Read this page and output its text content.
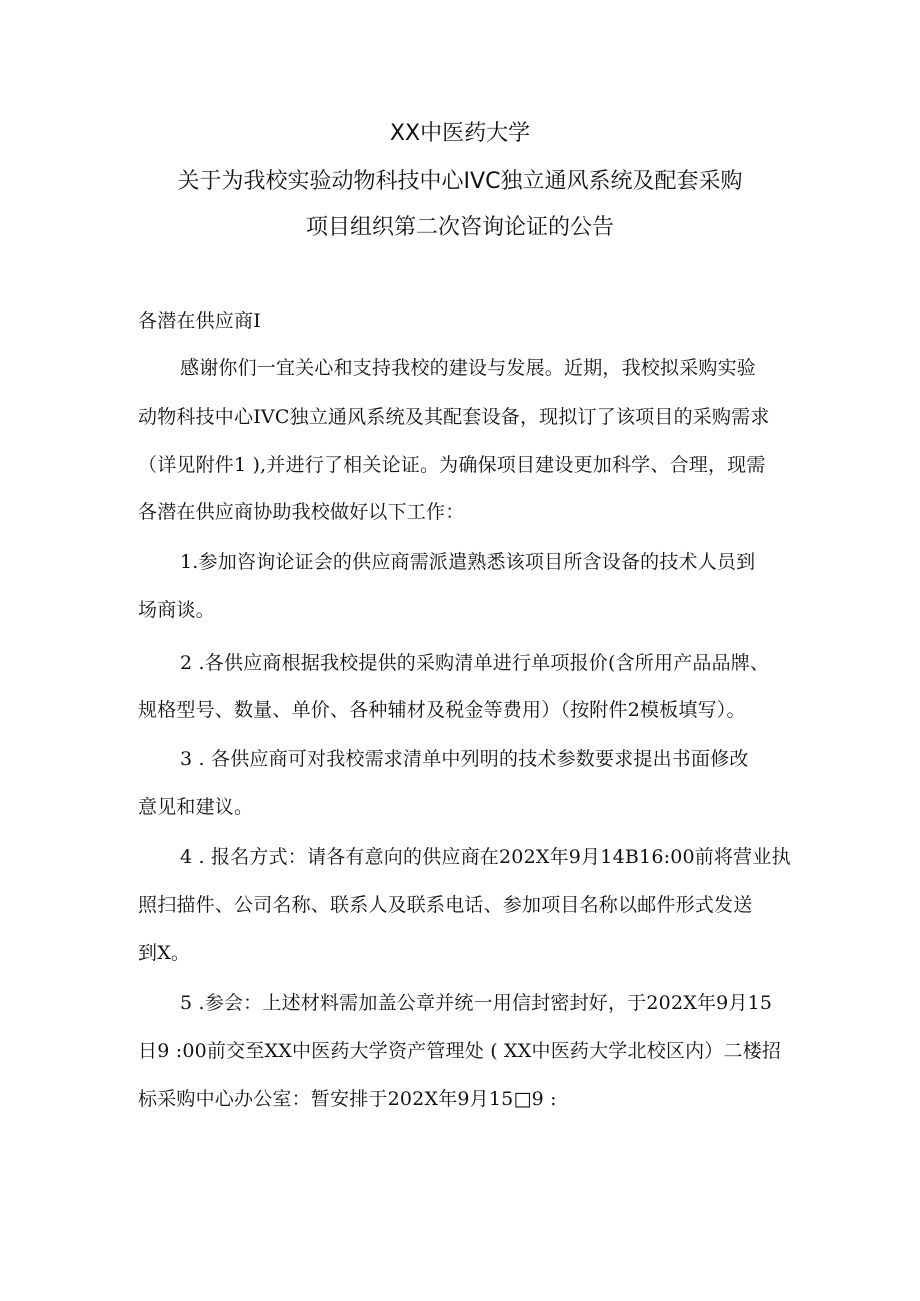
XX中医药大学
关于为我校实验动物科技中心IVC独立通风系统及配套采购
项目组织第二次咨询论证的公告
各潜在供应商I
感谢你们一宜关心和支持我校的建设与发展。近期，我校拟采购实验
动物科技中心IVC独立通风系统及其配套设备，现拟订了该项目的采购需求
（详见附件1 ),并进行了相关论证。为确保项目建设更加科学、合理，现需
各潜在供应商协助我校做好以下工作：
1.参加咨询论证会的供应商需派遣熟悉该项目所含设备的技术人员到
场商谈。
2 .各供应商根据我校提供的采购清单进行单项报价(含所用产品品牌、
规格型号、数量、单价、各种辅材及税金等费用）（按附件2模板填写）。
3 . 各供应商可对我校需求清单中列明的技术参数要求提出书面修改
意见和建议。
4 . 报名方式：请各有意向的供应商在202X年9月14B16:00前将营业执
照扫描件、公司名称、联系人及联系电话、参加项目名称以邮件形式发送
到X。
5 .参会：上述材料需加盖公章并统一用信封密封好，于202X年9月15
日9 :00前交至XX中医药大学资产管理处 ( XX中医药大学北校区内）二楼招
标采购中心办公室：暂安排于202X年9月15□9 :
